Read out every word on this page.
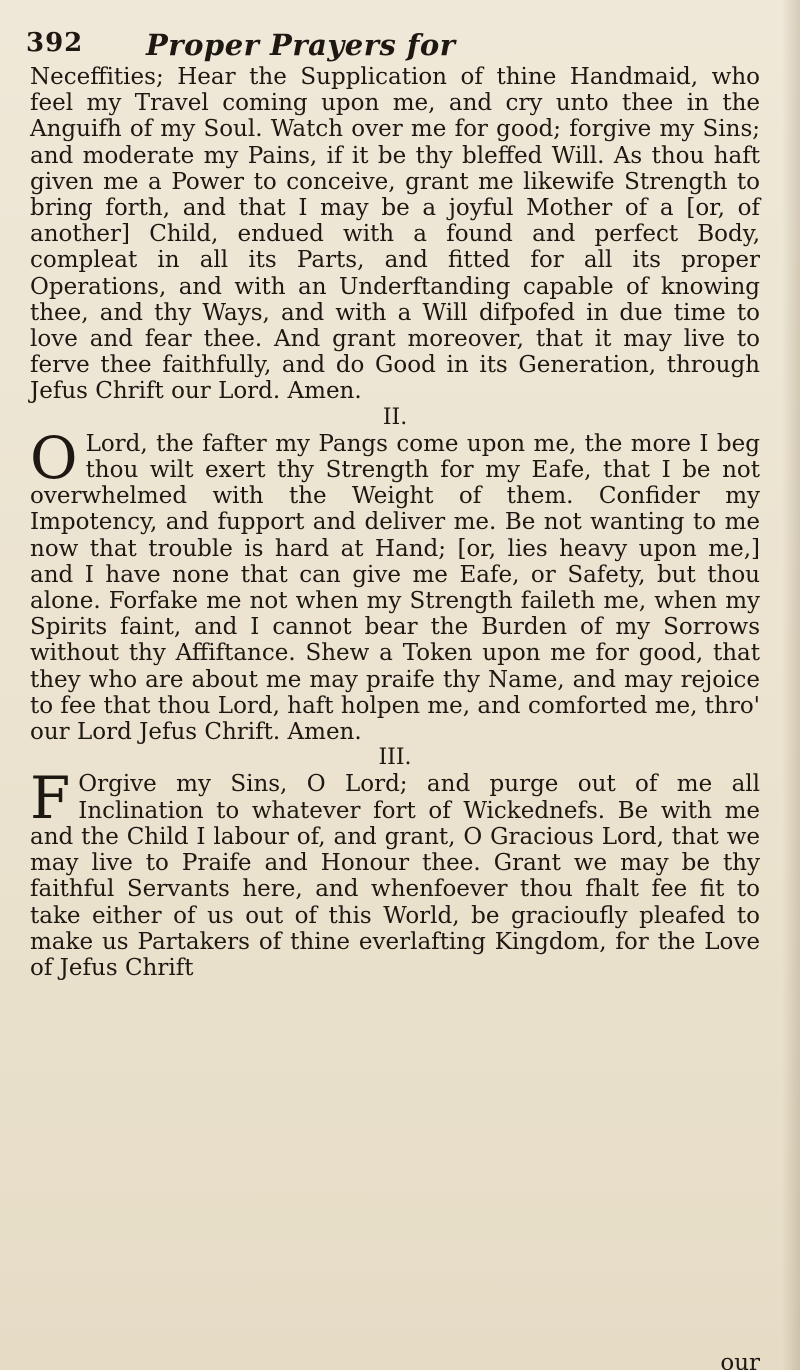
392 Proper Prayers for

Neceffities; Hear the Supplication of thine Handmaid, who feel my Travel coming upon me, and cry unto thee in the Anguifh of my Soul. Watch over me for good; forgive my Sins; and moderate my Pains, if it be thy bleffed Will. As thou haft given me a Power to conceive, grant me likewife Strength to bring forth, and that I may be a joyful Mother of a [or, of another] Child, endued with a found and perfect Body, compleat in all its Parts, and fitted for all its proper Operations, and with an Underftanding capable of knowing thee, and thy Ways, and with a Will difpofed in due time to love and fear thee. And grant moreover, that it may live to ferve thee faithfully, and do Good in its Generation, through Jefus Chrift our Lord. Amen.

II.

O Lord, the fafter my Pangs come upon me, the more I beg thou wilt exert thy Strength for my Eafe, that I be not overwhelmed with the Weight of them. Confider my Impotency, and fupport and deliver me. Be not wanting to me now that trouble is hard at Hand; [or, lies heavy upon me,] and I have none that can give me Eafe, or Safety, but thou alone. Forfake me not when my Strength faileth me, when my Spirits faint, and I cannot bear the Burden of my Sorrows without thy Affiftance. Shew a Token upon me for good, that they who are about me may praife thy Name, and may rejoice to fee that thou Lord, haft holpen me, and comforted me, thro' our Lord Jefus Chrift. Amen.

III.

F Orgive my Sins, O Lord; and purge out of me all Inclination to whatever fort of Wickednefs. Be with me and the Child I labour of, and grant, O Gracious Lord, that we may live to Praife and Honour thee. Grant we may be thy faithful Servants here, and whenfoever thou fhalt fee fit to take either of us out of this World, be gracioufly pleafed to make us Partakers of thine everlafting Kingdom, for the Love of Jefus Chrift

our
